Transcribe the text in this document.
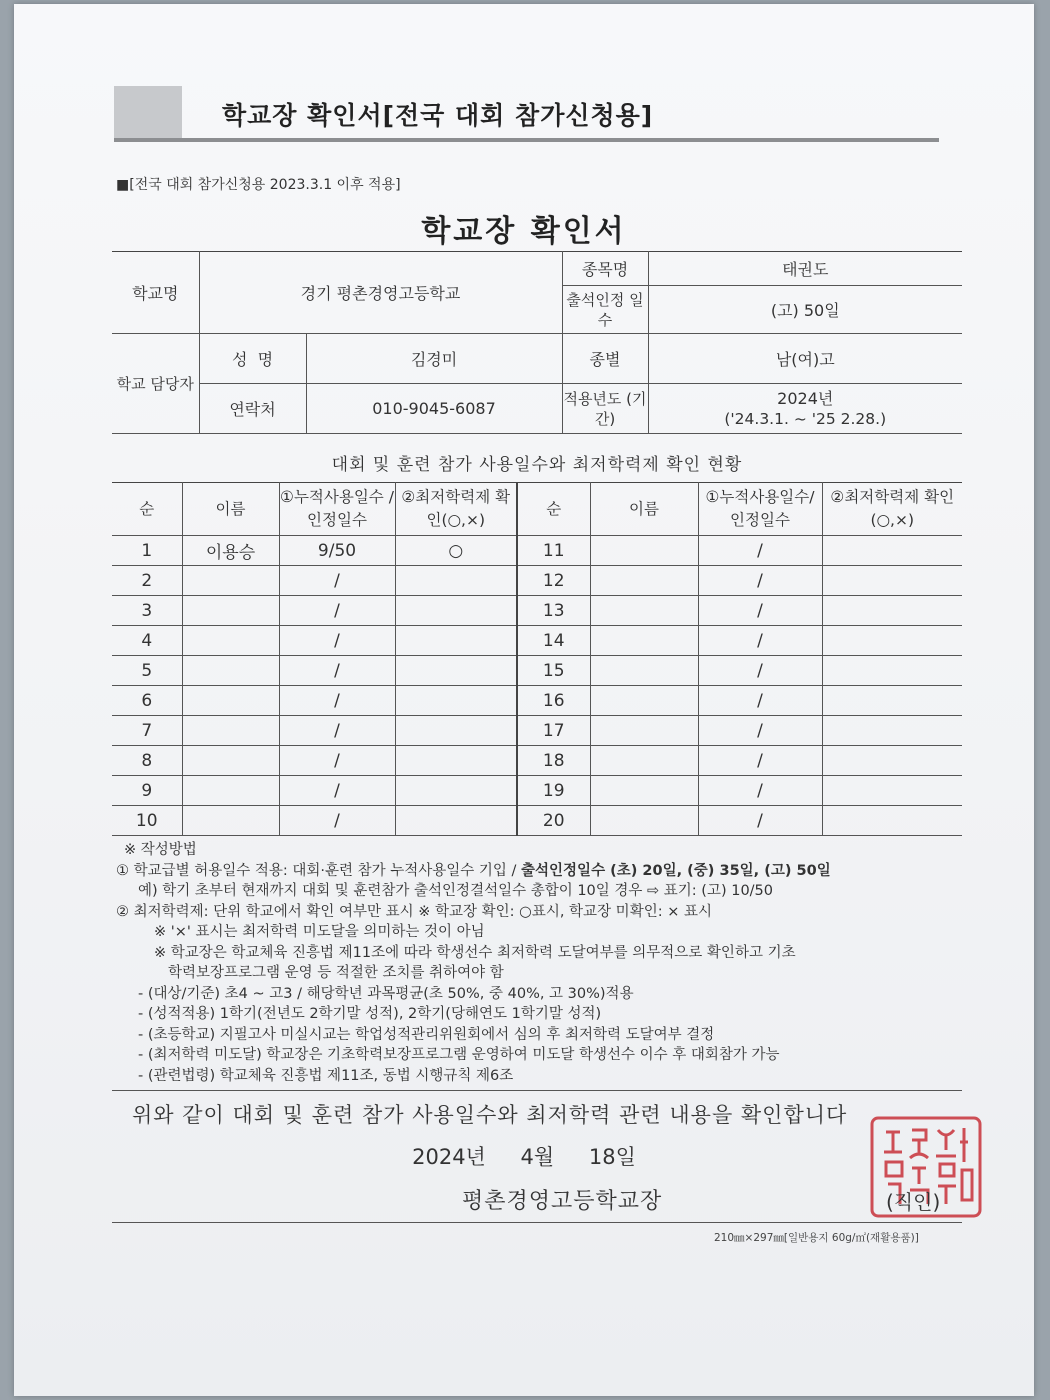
학교장 확인서[전국 대회 참가신청용]
■[전국 대회 참가신청용 2023.3.1 이후 적용]
학교장 확인서
학교명	경기 평촌경영고등학교		종목명	태권도
			출석인정 일수	(고) 50일
학교 담당자	성  명	김경미	종별	남(여)고
	연락처	010-9045-6087	적용년도 (기간)	2024년
('24.3.1. ~ '25 2.28.)
대회 및 훈련 참가 사용일수와 최저학력제 확인 현황
순	이름	①누적사용일수 /인정일수	②최저학력제 확인(○,×)	순	이름	①누적사용일수/ 인정일수	②최저학력제 확인(○,×)
1	이용승	9/50	○	11		/	
2		/		12		/	
3		/		13		/	
4		/		14		/	
5		/		15		/	
6		/		16		/	
7		/		17		/	
8		/		18		/	
9		/		19		/	
10		/		20		/	
※ 작성방법
① 학교급별 허용일수 적용: 대회·훈련 참가 누적사용일수 기입 / 출석인정일수 (초) 20일, (중) 35일, (고) 50일
예) 학기 초부터 현재까지 대회 및 훈련참가 출석인정결석일수 총합이 10일 경우 ⇨ 표기: (고) 10/50
② 최저학력제: 단위 학교에서 확인 여부만 표시 ※ 학교장 확인: ○표시, 학교장 미확인: × 표시
※ '×' 표시는 최저학력 미도달을 의미하는 것이 아님
※ 학교장은 학교체육 진흥법 제11조에 따라 학생선수 최저학력 도달여부를 의무적으로 확인하고 기초
학력보장프로그램 운영 등 적절한 조치를 취하여야 함
- (대상/기준) 초4 ~ 고3 / 해당학년 과목평균(초 50%, 중 40%, 고 30%)적용
- (성적적용) 1학기(전년도 2학기말 성적), 2학기(당해연도 1학기말 성적)
- (초등학교) 지필고사 미실시교는 학업성적관리위원회에서 심의 후 최저학력 도달여부 결정
- (최저학력 미도달) 학교장은 기초학력보장프로그램 운영하여 미도달 학생선수 이수 후 대회참가 가능
- (관련법령) 학교체육 진흥법 제11조, 동법 시행규칙 제6조
위와 같이 대회 및 훈련 참가 사용일수와 최저학력 관련 내용을 확인합니다
2024년 4월 18일
평촌경영고등학교장	(직인)
210㎜×297㎜[일반용지 60g/㎡(재활용품)]
